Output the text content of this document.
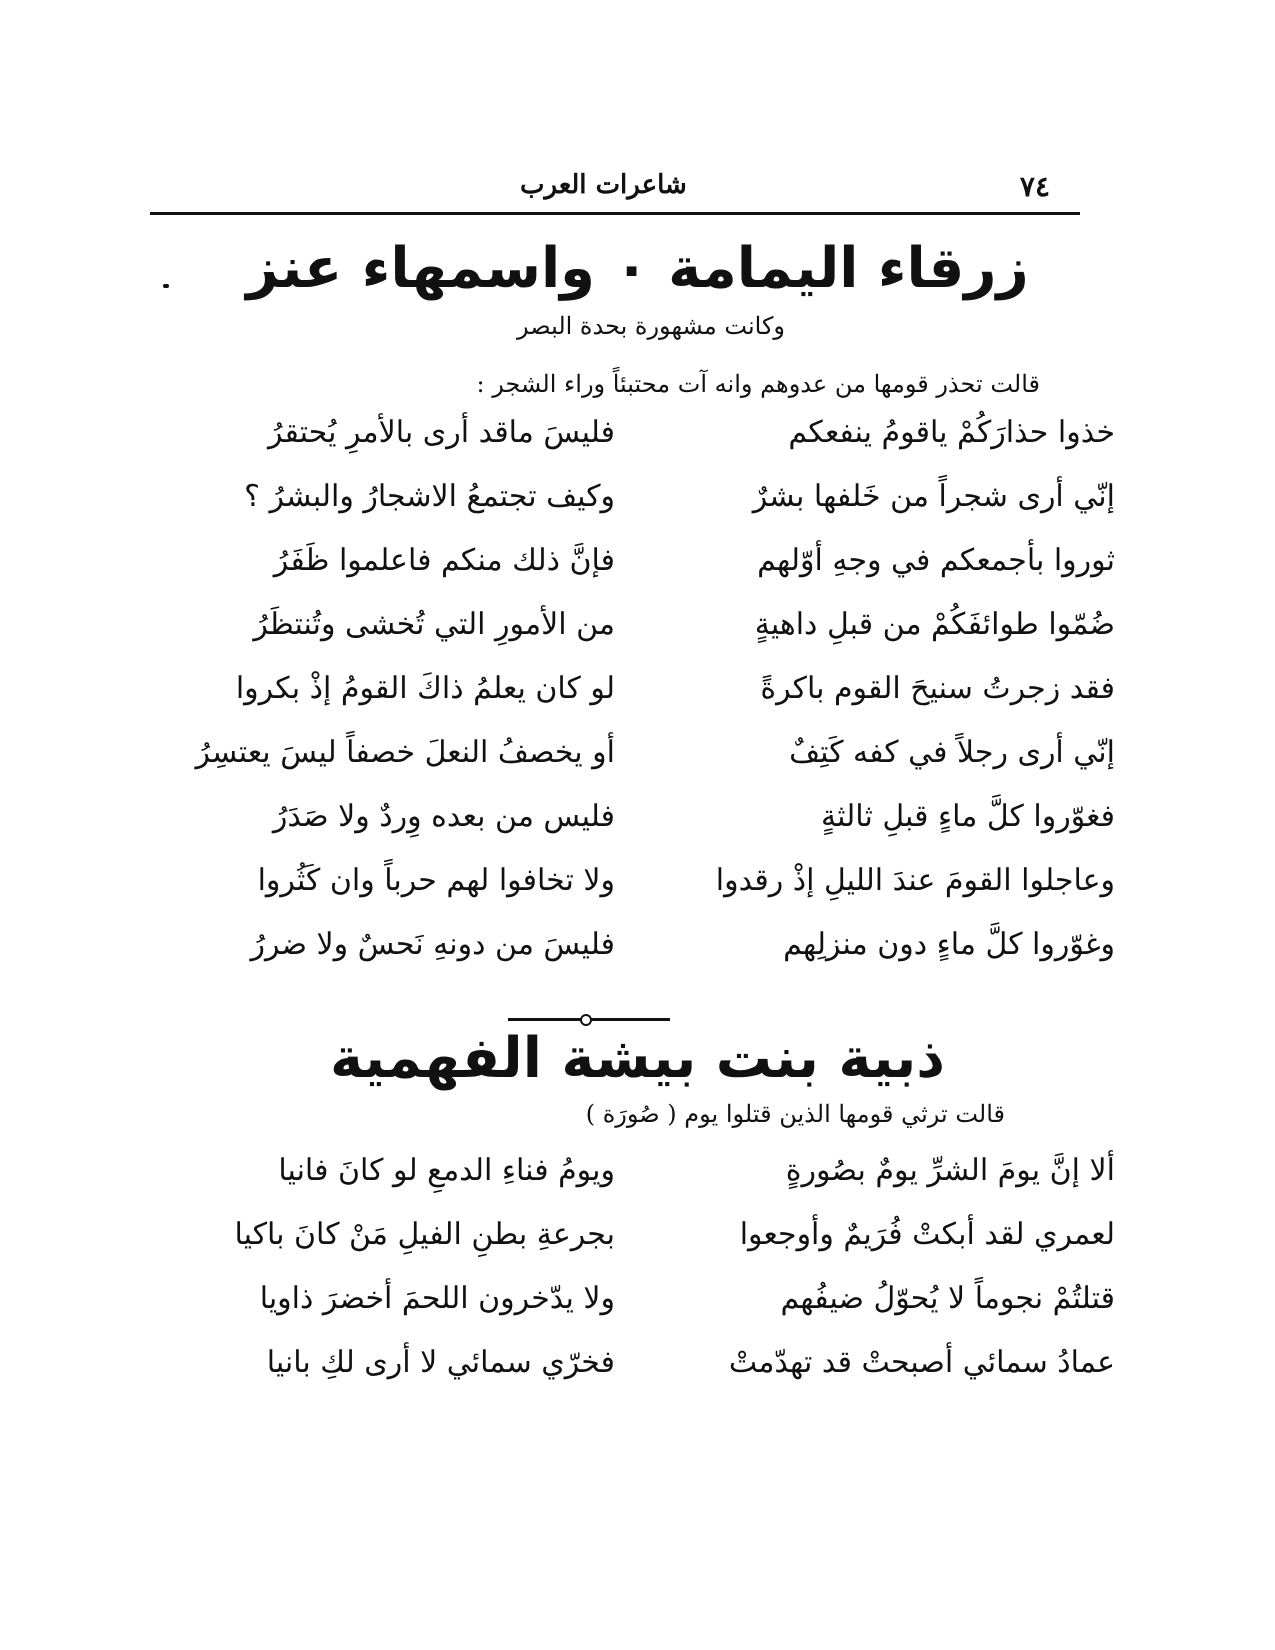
٧٤
شاعرات العرب
زرقاء اليمامة ٠ واسمهاء عنز
وكانت مشهورة بحدة البصر
قالت تحذر قومها من عدوهم وانه آت محتبئاً وراء الشجر :
خذوا حذارَكُمْ ياقومُ ينفعكم
فليسَ ماقد أرى بالأمرِ يُحتقرُ
إنّي أرى شجراً من خَلفها بشرٌ
وكيف تجتمعُ الاشجارُ والبشرُ ؟
ثوروا بأجمعكم في وجهِ أوّلهم
فإنَّ ذلك منكم فاعلموا ظَفَرُ
ضُمّوا طوائفَكُمْ من قبلِ داهيةٍ
من الأمورِ التي تُخشى وتُنتظَرُ
فقد زجرتُ سنيحَ القوم باكرةً
لو كان يعلمُ ذاكَ القومُ إذْ بكروا
إنّي أرى رجلاً في كفه كَتِفٌ
أو يخصفُ النعلَ خصفاً ليسَ يعتسِرُ
فغوّروا كلَّ ماءٍ قبلِ ثالثةٍ
فليس من بعده وِردٌ ولا صَدَرُ
وعاجلوا القومَ عندَ الليلِ إذْ رقدوا
ولا تخافوا لهم حرباً وان كَثُروا
وغوّروا كلَّ ماءٍ دون منزلِهم
فليسَ من دونهِ نَحسٌ ولا ضررُ
ذبية بنت بيشة الفهمية
قالت ترثي قومها الذين قتلوا يوم ( صُورَة )
ألا إنَّ يومَ الشرِّ يومٌ بصُورةٍ
ويومُ فناءِ الدمعِ لو كانَ فانيا
لعمري لقد أبكتْ فُرَيمٌ وأوجعوا
بجرعةِ بطنِ الفيلِ مَنْ كانَ باكيا
قتلتُمْ نجوماً لا يُحوّلُ ضيفُهم
ولا يدّخرون اللحمَ أخضرَ ذاويا
عمادُ سمائي أصبحتْ قد تهدّمتْ
فخرّي سمائي لا أرى لكِ بانيا
